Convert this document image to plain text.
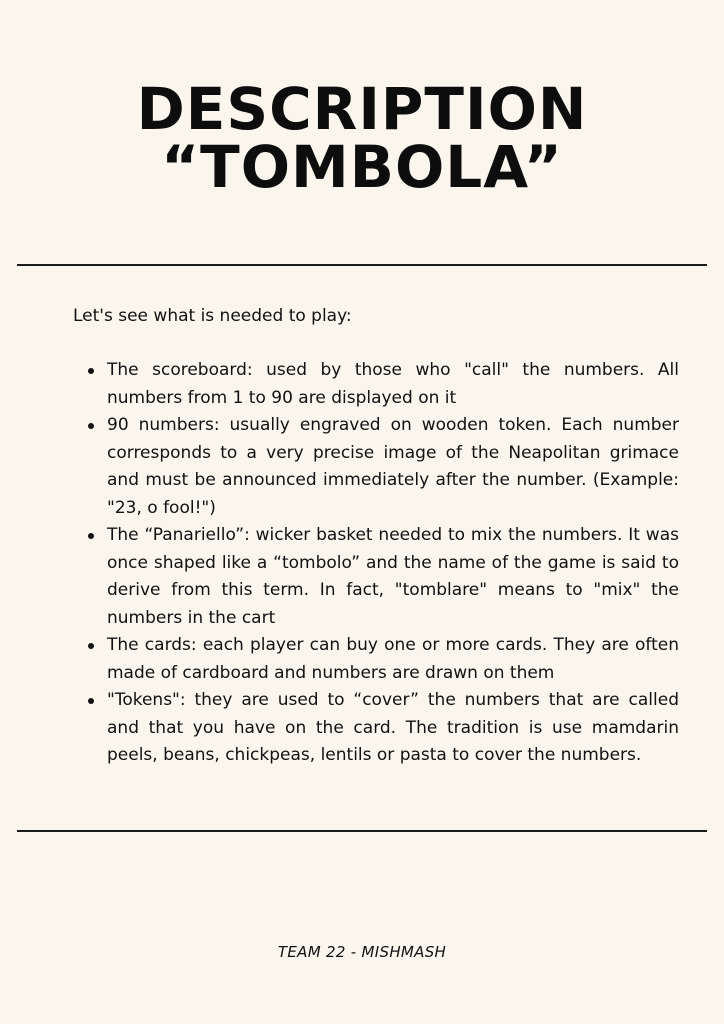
DESCRIPTION
“TOMBOLA”

Let's see what is needed to play:

The scoreboard: used by those who "call" the numbers. All numbers from 1 to 90 are displayed on it
90 numbers: usually engraved on wooden token. Each number corresponds to a very precise image of the Neapolitan grimace and must be announced immediately after the number. (Example: "23, o fool!")
The “Panariello”: wicker basket needed to mix the numbers. It was once shaped like a “tombolo” and the name of the game is said to derive from this term. In fact, "tomblare" means to "mix" the numbers in the cart
The cards: each player can buy one or more cards. They are often made of cardboard and numbers are drawn on them
"Tokens": they are used to “cover” the numbers that are called and that you have on the card. The tradition is use mamdarin peels, beans, chickpeas, lentils or pasta to cover the numbers.

TEAM 22 - MISHMASH
